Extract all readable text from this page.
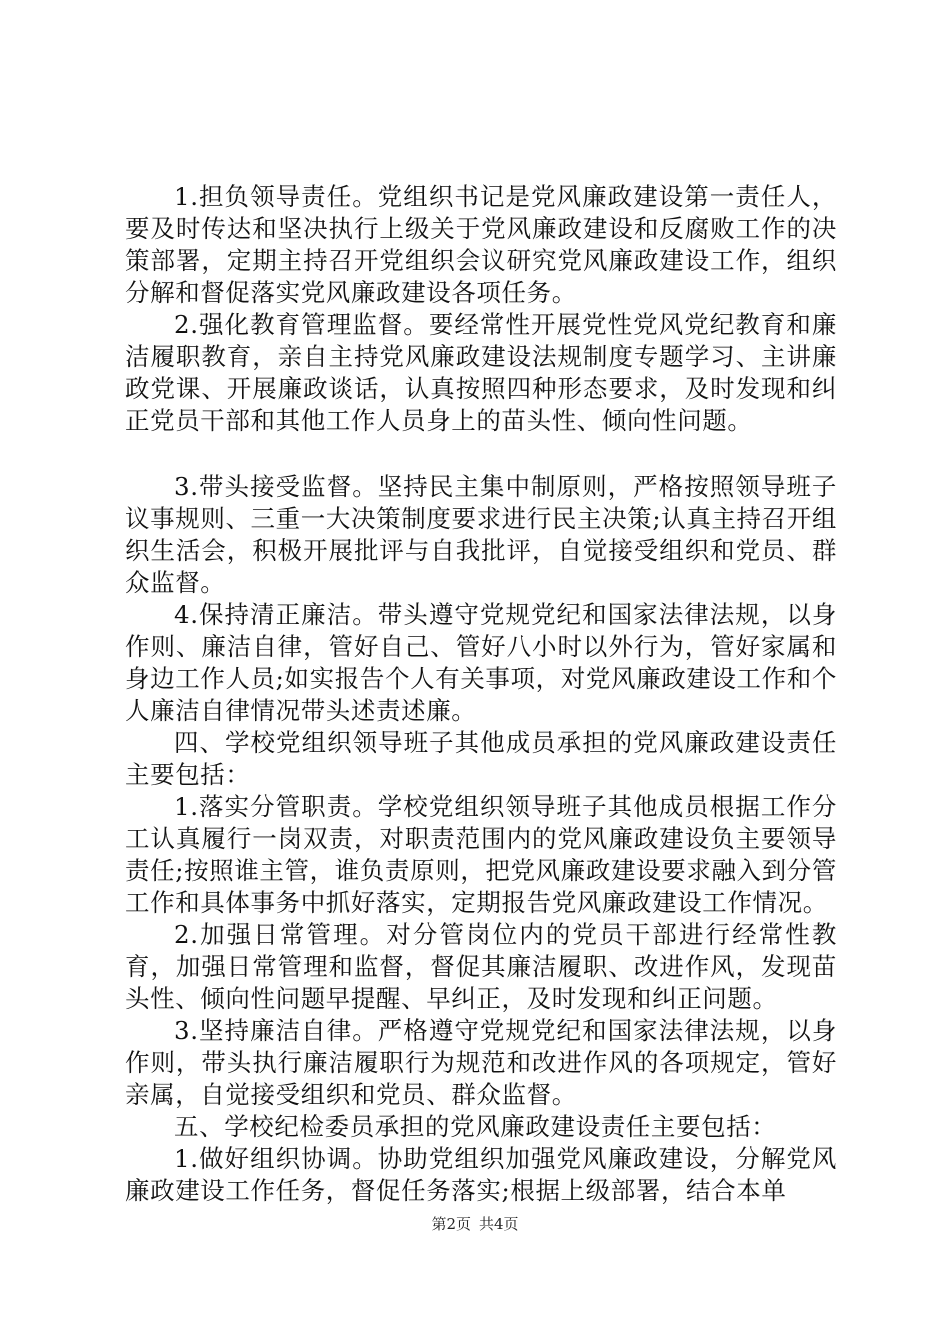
1.担负领导责任。党组织书记是党风廉政建设第一责任人，要及时传达和坚决执行上级关于党风廉政建设和反腐败工作的决策部署，定期主持召开党组织会议研究党风廉政建设工作，组织分解和督促落实党风廉政建设各项任务。

2.强化教育管理监督。要经常性开展党性党风党纪教育和廉洁履职教育，亲自主持党风廉政建设法规制度专题学习、主讲廉政党课、开展廉政谈话，认真按照四种形态要求，及时发现和纠正党员干部和其他工作人员身上的苗头性、倾向性问题。

3.带头接受监督。坚持民主集中制原则，严格按照领导班子议事规则、三重一大决策制度要求进行民主决策;认真主持召开组织生活会，积极开展批评与自我批评，自觉接受组织和党员、群众监督。

4.保持清正廉洁。带头遵守党规党纪和国家法律法规，以身作则、廉洁自律，管好自己、管好八小时以外行为，管好家属和身边工作人员;如实报告个人有关事项，对党风廉政建设工作和个人廉洁自律情况带头述责述廉。

四、学校党组织领导班子其他成员承担的党风廉政建设责任主要包括：

1.落实分管职责。学校党组织领导班子其他成员根据工作分工认真履行一岗双责，对职责范围内的党风廉政建设负主要领导责任;按照谁主管，谁负责原则，把党风廉政建设要求融入到分管工作和具体事务中抓好落实，定期报告党风廉政建设工作情况。

2.加强日常管理。对分管岗位内的党员干部进行经常性教育，加强日常管理和监督，督促其廉洁履职、改进作风，发现苗头性、倾向性问题早提醒、早纠正，及时发现和纠正问题。

3.坚持廉洁自律。严格遵守党规党纪和国家法律法规，以身作则，带头执行廉洁履职行为规范和改进作风的各项规定，管好亲属，自觉接受组织和党员、群众监督。

五、学校纪检委员承担的党风廉政建设责任主要包括：

1.做好组织协调。协助党组织加强党风廉政建设，分解党风廉政建设工作任务，督促任务落实;根据上级部署，结合本单

第2页 共4页
